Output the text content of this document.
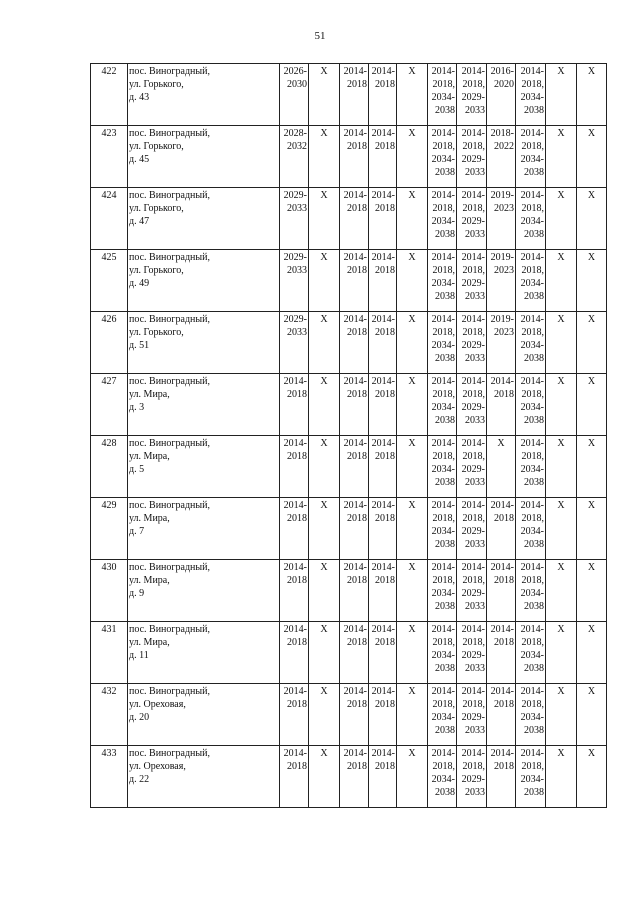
51
422	пос. Виноградный,
ул. Горького,
д. 43	2026-
2030	X	2014-
2018	2014-
2018	X	2014-
2018,
2034-
2038	2014-
2018,
2029-
2033	2016-
2020	2014-
2018,
2034-
2038	X	X
423	пос. Виноградный,
ул. Горького,
д. 45	2028-
2032	X	2014-
2018	2014-
2018	X	2014-
2018,
2034-
2038	2014-
2018,
2029-
2033	2018-
2022	2014-
2018,
2034-
2038	X	X
424	пос. Виноградный,
ул. Горького,
д. 47	2029-
2033	X	2014-
2018	2014-
2018	X	2014-
2018,
2034-
2038	2014-
2018,
2029-
2033	2019-
2023	2014-
2018,
2034-
2038	X	X
425	пос. Виноградный,
ул. Горького,
д. 49	2029-
2033	X	2014-
2018	2014-
2018	X	2014-
2018,
2034-
2038	2014-
2018,
2029-
2033	2019-
2023	2014-
2018,
2034-
2038	X	X
426	пос. Виноградный,
ул. Горького,
д. 51	2029-
2033	X	2014-
2018	2014-
2018	X	2014-
2018,
2034-
2038	2014-
2018,
2029-
2033	2019-
2023	2014-
2018,
2034-
2038	X	X
427	пос. Виноградный,
ул. Мира,
д. 3	2014-
2018	X	2014-
2018	2014-
2018	X	2014-
2018,
2034-
2038	2014-
2018,
2029-
2033	2014-
2018	2014-
2018,
2034-
2038	X	X
428	пос. Виноградный,
ул. Мира,
д. 5	2014-
2018	X	2014-
2018	2014-
2018	X	2014-
2018,
2034-
2038	2014-
2018,
2029-
2033	X	2014-
2018,
2034-
2038	X	X
429	пос. Виноградный,
ул. Мира,
д. 7	2014-
2018	X	2014-
2018	2014-
2018	X	2014-
2018,
2034-
2038	2014-
2018,
2029-
2033	2014-
2018	2014-
2018,
2034-
2038	X	X
430	пос. Виноградный,
ул. Мира,
д. 9	2014-
2018	X	2014-
2018	2014-
2018	X	2014-
2018,
2034-
2038	2014-
2018,
2029-
2033	2014-
2018	2014-
2018,
2034-
2038	X	X
431	пос. Виноградный,
ул. Мира,
д. 11	2014-
2018	X	2014-
2018	2014-
2018	X	2014-
2018,
2034-
2038	2014-
2018,
2029-
2033	2014-
2018	2014-
2018,
2034-
2038	X	X
432	пос. Виноградный,
ул. Ореховая,
д. 20	2014-
2018	X	2014-
2018	2014-
2018	X	2014-
2018,
2034-
2038	2014-
2018,
2029-
2033	2014-
2018	2014-
2018,
2034-
2038	X	X
433	пос. Виноградный,
ул. Ореховая,
д. 22	2014-
2018	X	2014-
2018	2014-
2018	X	2014-
2018,
2034-
2038	2014-
2018,
2029-
2033	2014-
2018	2014-
2018,
2034-
2038	X	X
